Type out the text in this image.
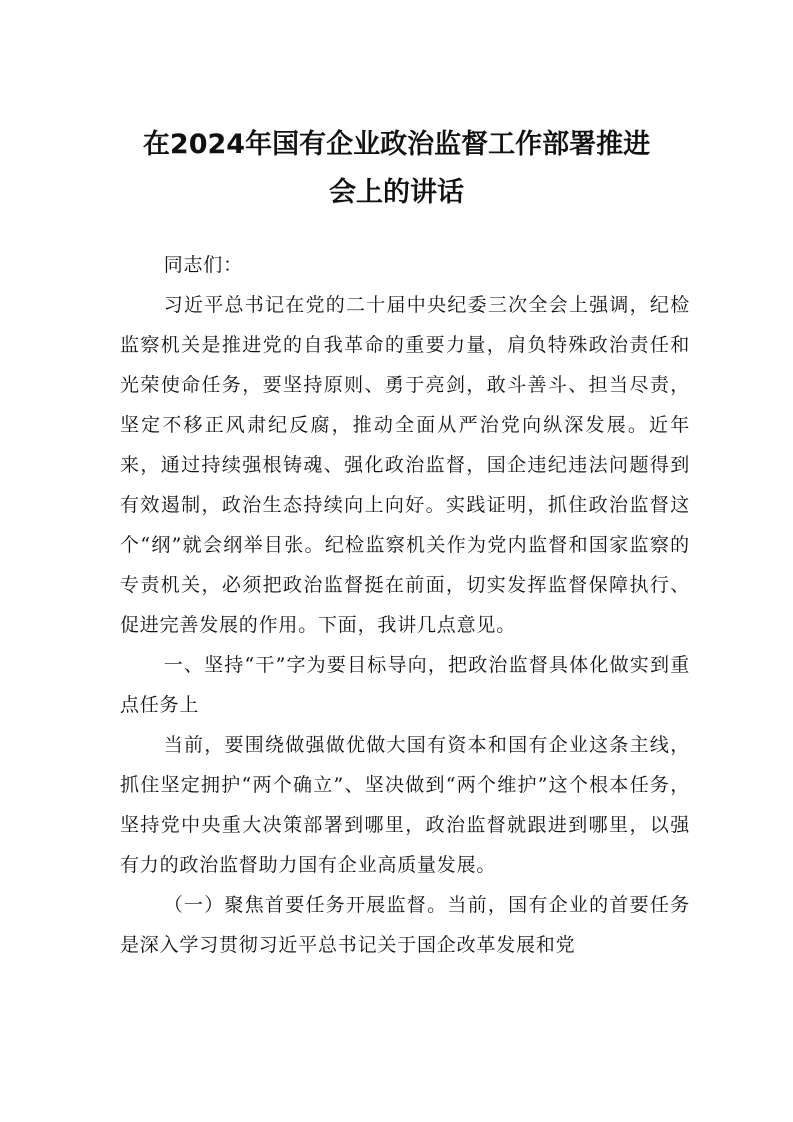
在2024年国有企业政治监督工作部署推进
会上的讲话

同志们：

习近平总书记在党的二十届中央纪委三次全会上强调，纪检监察机关是推进党的自我革命的重要力量，肩负特殊政治责任和光荣使命任务，要坚持原则、勇于亮剑，敢斗善斗、担当尽责，坚定不移正风肃纪反腐，推动全面从严治党向纵深发展。近年来，通过持续强根铸魂、强化政治监督，国企违纪违法问题得到有效遏制，政治生态持续向上向好。实践证明，抓住政治监督这个“纲”就会纲举目张。纪检监察机关作为党内监督和国家监察的专责机关，必须把政治监督挺在前面，切实发挥监督保障执行、促进完善发展的作用。下面，我讲几点意见。

一、坚持“干”字为要目标导向，把政治监督具体化做实到重点任务上

当前，要围绕做强做优做大国有资本和国有企业这条主线，抓住坚定拥护“两个确立”、坚决做到“两个维护”这个根本任务，坚持党中央重大决策部署到哪里，政治监督就跟进到哪里，以强有力的政治监督助力国有企业高质量发展。

（一）聚焦首要任务开展监督。当前，国有企业的首要任务是深入学习贯彻习近平总书记关于国企改革发展和党
